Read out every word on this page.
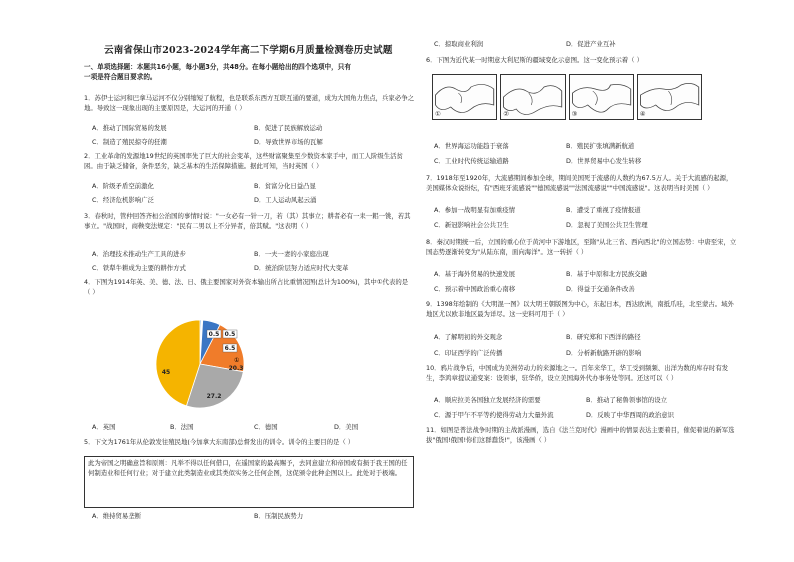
云南省保山市2023-2024学年高二下学期6月质量检测卷历史试题
一、单项选择题：本题共16小题，每小题3分，共48分。在每小题给出的四个选项中，只有
一项是符合题目要求的。
1．苏伊士运河和巴拿马运河不仅分别缩短了航程，也是联系东西方互联互通的要道，成为大国角力焦点，兵家必争之地。导致这一现象出现的主要原因是，大运河的开通（ ）
A．推动了国际贸易的发展	B．促进了民族解放运动
C．制造了殖民掠夺的狂潮	D．导致世界市场的瓦解
2．工业革命的发源地19世纪的英国率先了巨大的社会变革，这些财富聚集至少数资本家手中，而工人阶级生活贫困。由于缺乏储备，条件恶劣，缺乏基本的生活保障措施。据此可知，当时英国（ ）
A．阶级矛盾空前激化	B．贫富分化日益凸显
C．经济危机影响广泛	D．工人运动风起云涌
3．春秋时，管仲回答齐桓公治国的事情时说："一女必有一针一刀，若（其）其事立；耕者必有一耒一耜一铫，若其事立。"战国时，商鞅变法规定："民有二男以上不分异者，倍其赋。"这表明（ ）
A．治理技术推动生产工具的进步	B．一夫一妻的小家庭出现
C．铁犁牛耕成为主要的耕作方式	D．统治阶层努力适应时代大变革
4．下图为1914年英、美、德、法、日、俄主要国家对外资本输出所占比重情况图(总计为100%)，其中①代表的是（ ）
45
27.2
20.3
6.5
0.5 0.5
①
A．英国	B．法国	C．德国	D．美国
5．下文为1761年从伦敦发往殖民地(今加拿大东南部)总督发出的训令。训令的主要目的是（ ）
此为帝国之明确意旨和原则：凡举不得以任何借口，在遥国家的最高赐予，去同意建立和帝国或有损于我王国的任何制造业和任何行业；对于建立此类制造业或其类似实务之任何企图，这促颁令此种企图以上。此处对于极端。
A．维持贸易垄断	B．压制民族势力
C．掠取商业利润	D．促进产业互补
6．下图为近代某一时期意大利尼斯的疆域变化示意图。这一变化预示着（ ）
①	②	③	④
A．世界海运功能趋于衰落	B．殖民扩张填满新航道
C．工业时代传统运输道路	D．世界贸易中心发生转移
7．1918年至1920年，大流感期间参加全球，期间美国死于流感的人数约为67.5万人。关于大流感的起源，美国媒体众说纷纭，有"西班牙流感说""德国流感说""法国流感说""中国流感说"。这表明当时美国（ ）
A．参加一战明显有加重疫情	B．遭受了重视了疫情报道
C．新冠影响社会公共卫生	D．忽视了美国公共卫生管理
8．秦汉时期统一后，立国的重心位于黄河中下游地区，至隋"从北三省、西向西北"的立国态势：中唐至宋，立国态势逐渐转变为"从陆东南，面向海洋"。这一转折（ ）
A．基于海外贸易的快速发展	B．基于中原和北方民族交融
C．预示着中国政治重心南移	D．得益于交通条件改善
9．1398年绘制的《大明混一图》以大明王朝版图为中心，东起日本，西达欧洲，南抵爪哇，北至蒙古。域外地区尤以欧非地区最为详尽。这一史料可用于（ ）
A．了解明初的外交观念	B．研究郑和下西洋的路径
C．印证西学的广泛传播	D．分析新航路开辟的影响
10．鸦片战争后，中国成为美洲劳动力的来源地之一。百年来华工，华工受到频频、出洋为数的库存时有发生，李鸿章提议通变案：设领事，驻华侨，设立美国海外代办事务处等同。还这可以（ ）
A．顺应拉美各国独立发展经济的需要	B．推动了秘鲁领事馆的设立
C．源于甲午不平等约使得劳动力大量外流	D．反映了中华西周的政治意识
11．如图是普法战争时期的主战派漫画，选自《法兰克时代》漫画中的情景表达主要着目，催促着说的新军选拔"俄国!俄国!你们这群蠢货!"，该漫画（ ）
